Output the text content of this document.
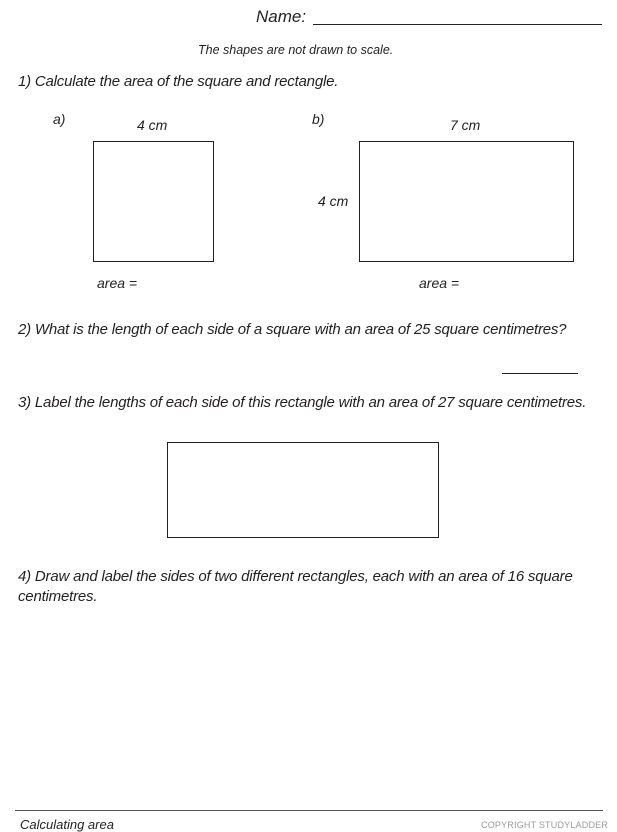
Name:
The shapes are not drawn to scale.
1) Calculate the area of the square and rectangle.
a)	4 cm
area =
b)	7 cm
4 cm
area =
2) What is the length of each side of a square with an area of 25 square centimetres?
3) Label the lengths of each side of this rectangle with an area of 27 square centimetres.
4) Draw and label the sides of two different rectangles, each with an area of 16 square
centimetres.
Calculating area	COPYRIGHT STUDYLADDER
